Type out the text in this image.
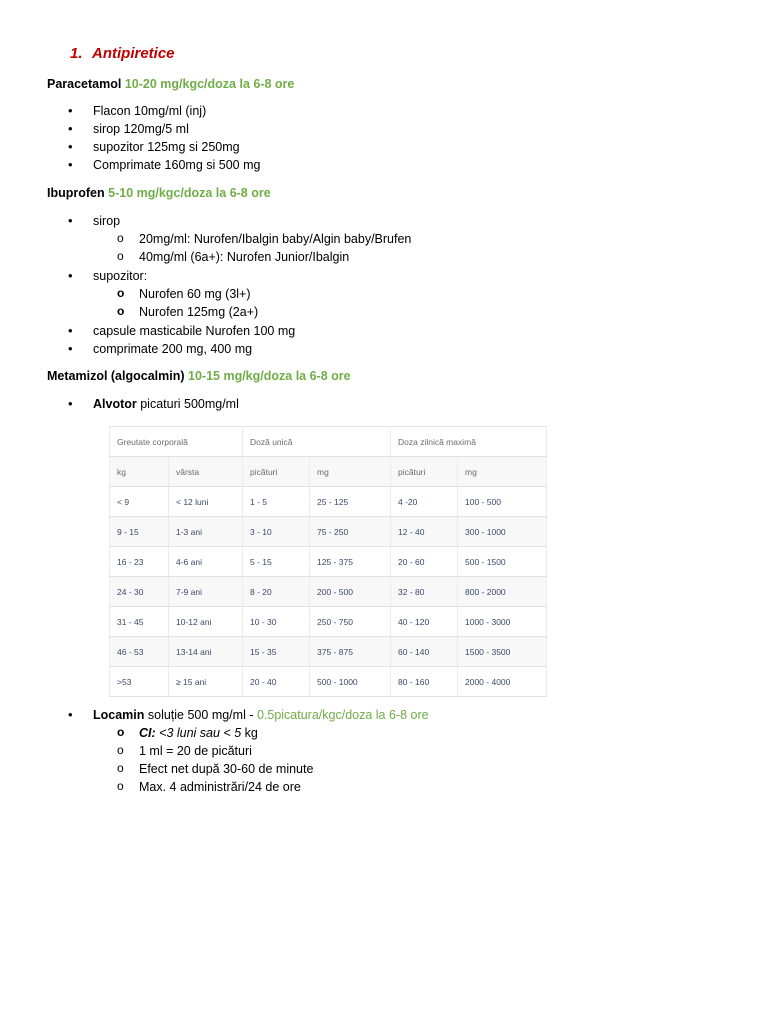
1. Antipiretice
Paracetamol 10-20 mg/kgc/doza la 6-8 ore
• Flacon 10mg/ml (inj)
• sirop 120mg/5 ml
• supozitor 125mg si 250mg
• Comprimate 160mg si 500 mg
Ibuprofen 5-10 mg/kgc/doza la 6-8 ore
• sirop
o 20mg/ml: Nurofen/Ibalgin baby/Algin baby/Brufen
o 40mg/ml (6a+): Nurofen Junior/Ibalgin
• supozitor:
o Nurofen 60 mg (3l+)
o Nurofen 125mg (2a+)
• capsule masticabile Nurofen 100 mg
• comprimate 200 mg, 400 mg
Metamizol (algocalmin) 10-15 mg/kg/doza la 6-8 ore
• Alvotor picaturi 500mg/ml
Greutate corporală		Doză unică		Doza zilnică maximă	
kg	vârsta	picături	mg	picături	mg
< 9	< 12 luni	1 - 5	25 - 125	4 -20	100 - 500
9 - 15	1-3 ani	3 - 10	75 - 250	12 - 40	300 - 1000
16 - 23	4-6 ani	5 - 15	125 - 375	20 - 60	500 - 1500
24 - 30	7-9 ani	8 - 20	200 - 500	32 - 80	800 - 2000
31 - 45	10-12 ani	10 - 30	250 - 750	40 - 120	1000 - 3000
46 - 53	13-14 ani	15 - 35	375 - 875	60 - 140	1500 - 3500
>53	≥ 15 ani	20 - 40	500 - 1000	80 - 160	2000 - 4000
• Locamin soluție 500 mg/ml - 0.5picatura/kgc/doza la 6-8 ore
o CI: <3 luni sau < 5 kg
o 1 ml = 20 de picături
o Efect net după 30-60 de minute
o Max. 4 administrări/24 de ore
